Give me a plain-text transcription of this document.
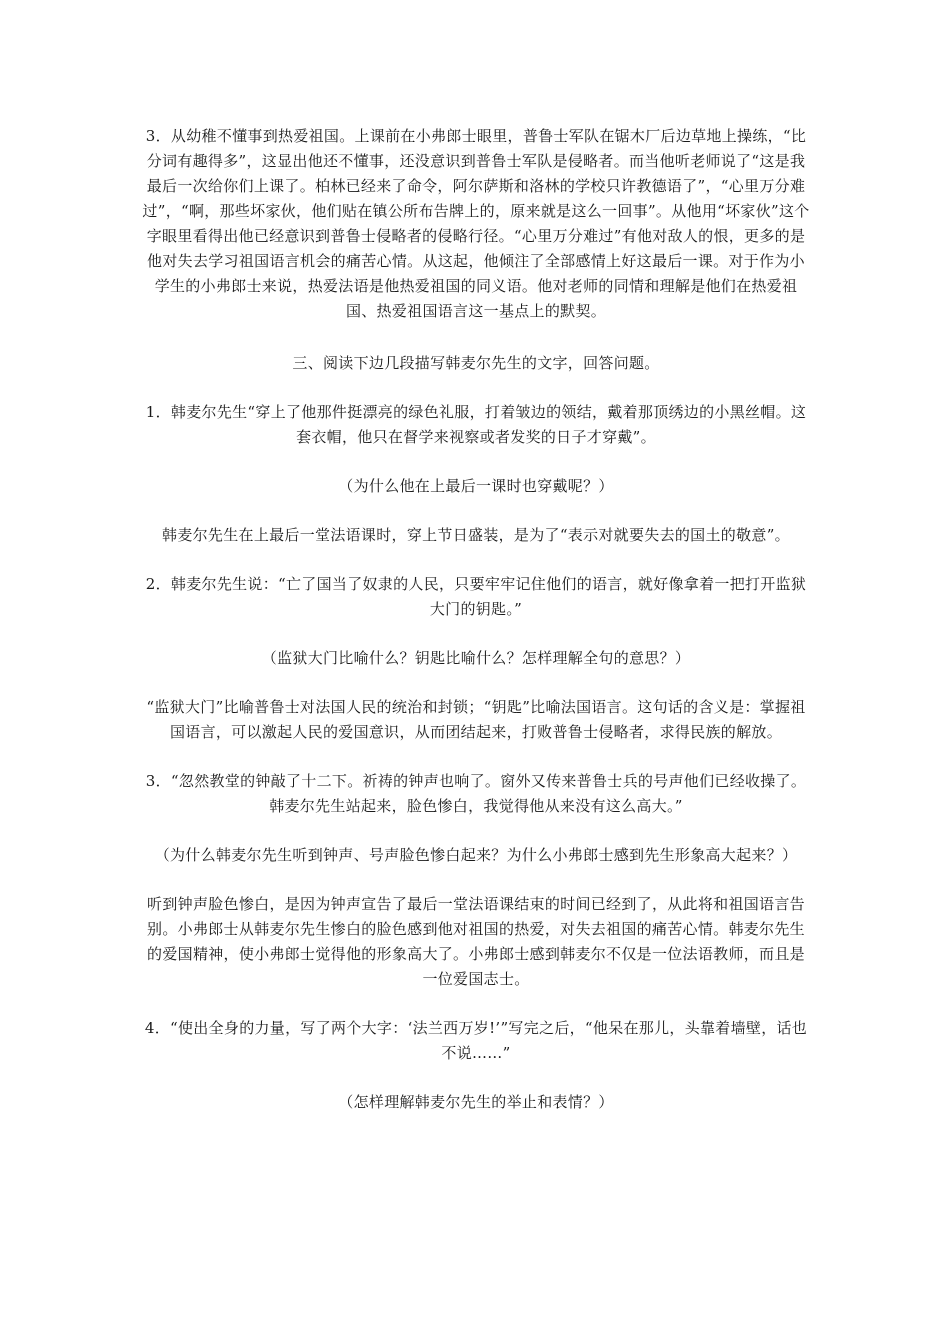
3．从幼稚不懂事到热爱祖国。上课前在小弗郎士眼里，普鲁士军队在锯木厂后边草地上操练，“比分词有趣得多”，这显出他还不懂事，还没意识到普鲁士军队是侵略者。而当他听老师说了“这是我最后一次给你们上课了。柏林已经来了命令，阿尔萨斯和洛林的学校只许教德语了”，“心里万分难过”，“啊，那些坏家伙，他们贴在镇公所布告牌上的，原来就是这么一回事”。从他用“坏家伙”这个字眼里看得出他已经意识到普鲁士侵略者的侵略行径。“心里万分难过”有他对敌人的恨，更多的是他对失去学习祖国语言机会的痛苦心情。从这起，他倾注了全部感情上好这最后一课。对于作为小学生的小弗郎士来说，热爱法语是他热爱祖国的同义语。他对老师的同情和理解是他们在热爱祖国、热爱祖国语言这一基点上的默契。

三、阅读下边几段描写韩麦尔先生的文字，回答问题。

1．韩麦尔先生“穿上了他那件挺漂亮的绿色礼服，打着皱边的领结，戴着那顶绣边的小黑丝帽。这套衣帽，他只在督学来视察或者发奖的日子才穿戴”。

（为什么他在上最后一课时也穿戴呢？）

韩麦尔先生在上最后一堂法语课时，穿上节日盛装，是为了“表示对就要失去的国土的敬意”。

2．韩麦尔先生说：“亡了国当了奴隶的人民，只要牢牢记住他们的语言，就好像拿着一把打开监狱大门的钥匙。”

（监狱大门比喻什么？钥匙比喻什么？怎样理解全句的意思？）

“监狱大门”比喻普鲁士对法国人民的统治和封锁；“钥匙”比喻法国语言。这句话的含义是：掌握祖国语言，可以激起人民的爱国意识，从而团结起来，打败普鲁士侵略者，求得民族的解放。

3．“忽然教堂的钟敲了十二下。祈祷的钟声也响了。窗外又传来普鲁士兵的号声他们已经收操了。韩麦尔先生站起来，脸色惨白，我觉得他从来没有这么高大。”

（为什么韩麦尔先生听到钟声、号声脸色惨白起来？为什么小弗郎士感到先生形象高大起来？）

听到钟声脸色惨白，是因为钟声宣告了最后一堂法语课结束的时间已经到了，从此将和祖国语言告别。小弗郎士从韩麦尔先生惨白的脸色感到他对祖国的热爱，对失去祖国的痛苦心情。韩麦尔先生的爱国精神，使小弗郎士觉得他的形象高大了。小弗郎士感到韩麦尔不仅是一位法语教师，而且是一位爱国志士。

4．“使出全身的力量，写了两个大字：‘法兰西万岁!’”写完之后，“他呆在那儿，头靠着墙壁，话也不说……”

（怎样理解韩麦尔先生的举止和表情？）
